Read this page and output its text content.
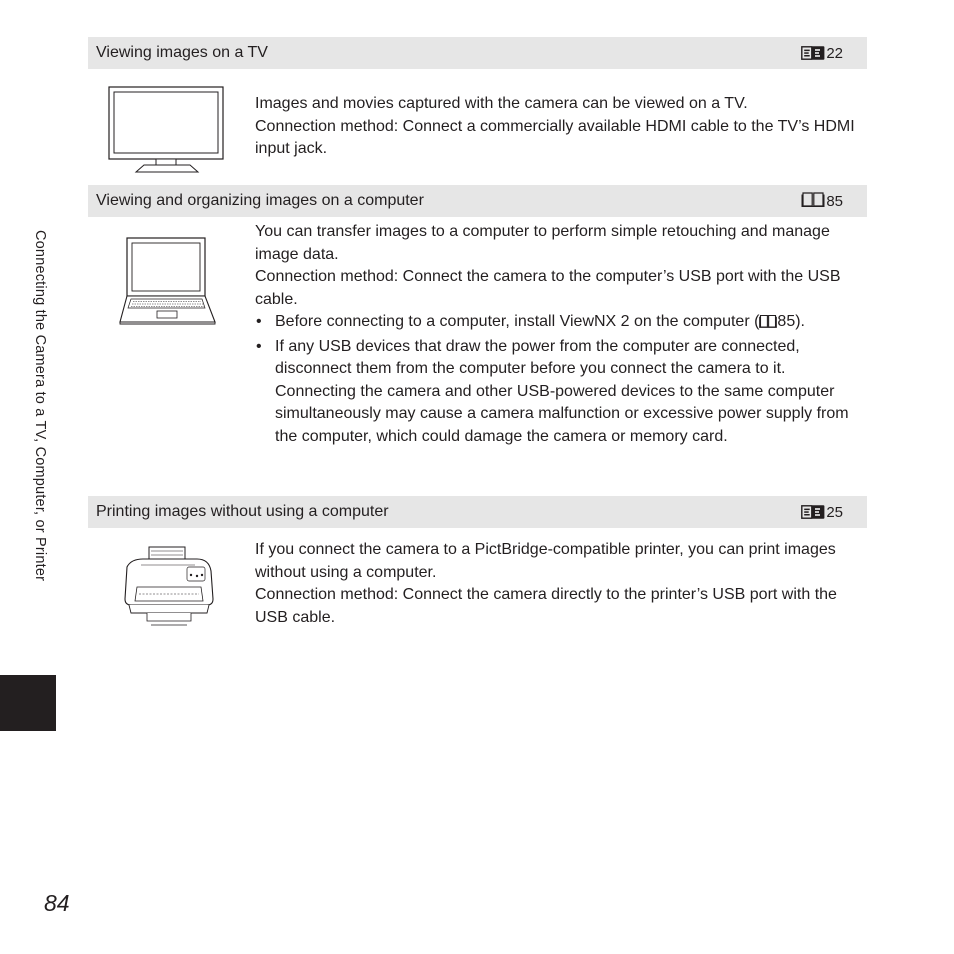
Connecting the Camera to a TV, Computer, or Printer
Viewing images on a TV	22

Images and movies captured with the camera can be viewed on a TV.

Connection method: Connect a commercially available HDMI cable to the TV’s HDMI input jack.

Viewing and organizing images on a computer	85

You can transfer images to a computer to perform simple retouching and manage image data.

Connection method: Connect the camera to the computer’s USB port with the USB cable.

• Before connecting to a computer, install ViewNX 2 on the computer ( 85).
• If any USB devices that draw the power from the computer are connected, disconnect them from the computer before you connect the camera to it. Connecting the camera and other USB-powered devices to the same computer simultaneously may cause a camera malfunction or excessive power supply from the computer, which could damage the camera or memory card.
Printing images without using a computer	25

If you connect the camera to a PictBridge-compatible printer, you can print images without using a computer.

Connection method: Connect the camera directly to the printer’s USB port with the USB cable.

84
